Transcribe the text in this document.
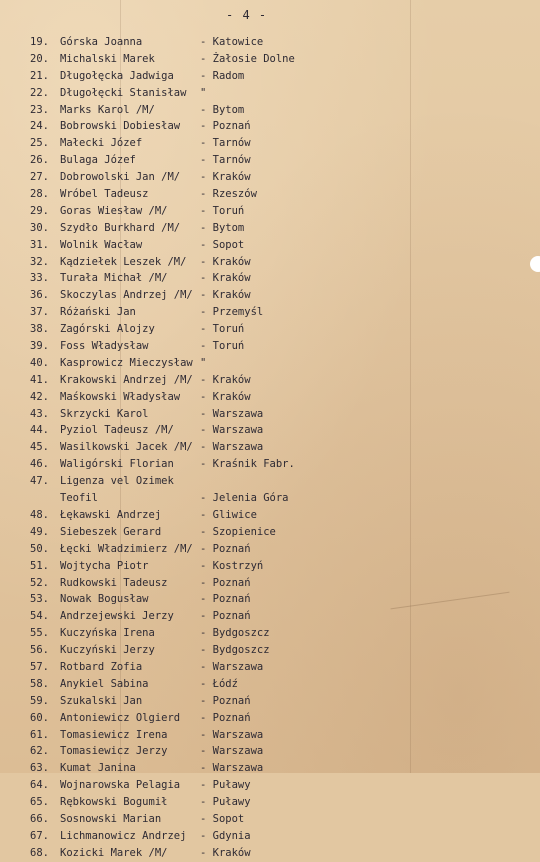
- 4 -
19. Górska Joanna	- Katowice
20. Michalski Marek	- Żałosie Dolne
21. Długołęcka Jadwiga - Radom
22. Długołęcki Stanisław "
23. Marks Karol /M/	- Bytom
24. Bobrowski Dobiesław - Poznań
25. Małecki Józef	- Tarnów
26. Bulaga Józef	- Tarnów
27. Dobrowolski Jan /M/ - Kraków
28. Wróbel Tadeusz	- Rzeszów
29. Goras Wiesław /M/	- Toruń
30. Szydło Burkhard /M/ - Bytom
31. Wolnik Wacław	- Sopot
32. Kądziełek Leszek /M/ - Kraków
33. Turała Michał /M/	- Kraków
36. Skoczylas Andrzej /M/ - Kraków
37. Różański Jan	- Przemyśl
38. Zagórski Alojzy	- Toruń
39. Foss Władysław	- Toruń
40. Kasprowicz Mieczysław "
41. Krakowski Andrzej /M/ - Kraków
42. Maśkowski Władysław - Kraków
43. Skrzycki Karol	- Warszawa
44. Pyziol Tadeusz /M/ - Warszawa
45. Wasilkowski Jacek /M/ - Warszawa
46. Waligórski Florian - Kraśnik Fabr.
47. Ligenza vel Ozimek
Teofil	- Jelenia Góra
48. Łękawski Andrzej	- Gliwice
49. Siebeszek Gerard	- Szopienice
50. Łęcki Władzimierz /M/ - Poznań
51. Wojtycha Piotr	- Kostrzyń
52. Rudkowski Tadeusz	- Poznań
53. Nowak Bogusław	- Poznań
54. Andrzejewski Jerzy - Poznań
55. Kuczyńska Irena	- Bydgoszcz
56. Kuczyński Jerzy	- Bydgoszcz
57. Rotbard Zofia	- Warszawa
58. Anykiel Sabina	- Łódź
59. Szukalski Jan	- Poznań
60. Antoniewicz Olgierd - Poznań
61. Tomasiewicz Irena	- Warszawa
62. Tomasiewicz Jerzy	- Warszawa
63. Kumat Janina	- Warszawa
64. Wojnarowska Pelagia - Puławy
65. Rębkowski Bogumił	- Puławy
66. Sosnowski Marian	- Sopot
67. Lichmanowicz Andrzej - Gdynia
68. Kozicki Marek /M/	- Kraków
